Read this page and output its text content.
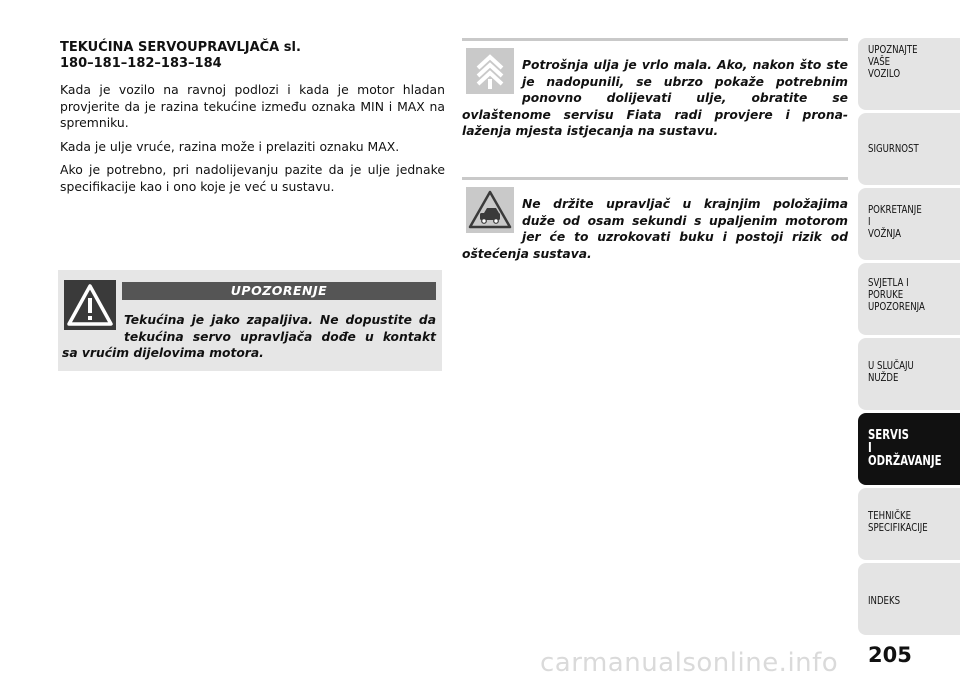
TEKUĆINA SERVOUPRAVLJAČA sl.
180–181–182–183–184

Kada je vozilo na ravnoj podlozi i kada je motor hladan provjerite da je razina tekućine između oznaka MIN i MAX na spremniku.

Kada je ulje vruće, razina može i prelaziti oznaku MAX.

Ako je potrebno, pri nadolijevanju pazite da je ulje jednake specifikacije kao i ono koje je već u sustavu.

UPOZORENJE
Tekućina je jako zapaljiva. Ne dopustite da
tekućina servo upravljača dođe u kontakt
sa vrućim dijelovima motora.
Potrošnja ulja je vrlo mala. Ako, nakon što ste
je nadopunili, se ubrzo pokaže potrebnim
ponovno dolijevati ulje, obratite se
ovlaštenome servisu Fiata radi provjere i prona-
laženja mjesta istjecanja na sustavu.
Ne držite upravljač u krajnjim položajima
duže od osam sekundi s upaljenim motorom
jer će to uzrokovati buku i postoji rizik od
oštećenja sustava.
UPOZNAJTE
VAŠE
VOZILO
SIGURNOST
POKRETANJE
I
VOŽNJA
SVJETLA I
PORUKE
UPOZORENJA
U SLUČAJU
NUŽDE
SERVIS
I
ODRŽAVANJE
TEHNIČKE
SPECIFIKACIJE
INDEKS
carmanualsonline.info 205
